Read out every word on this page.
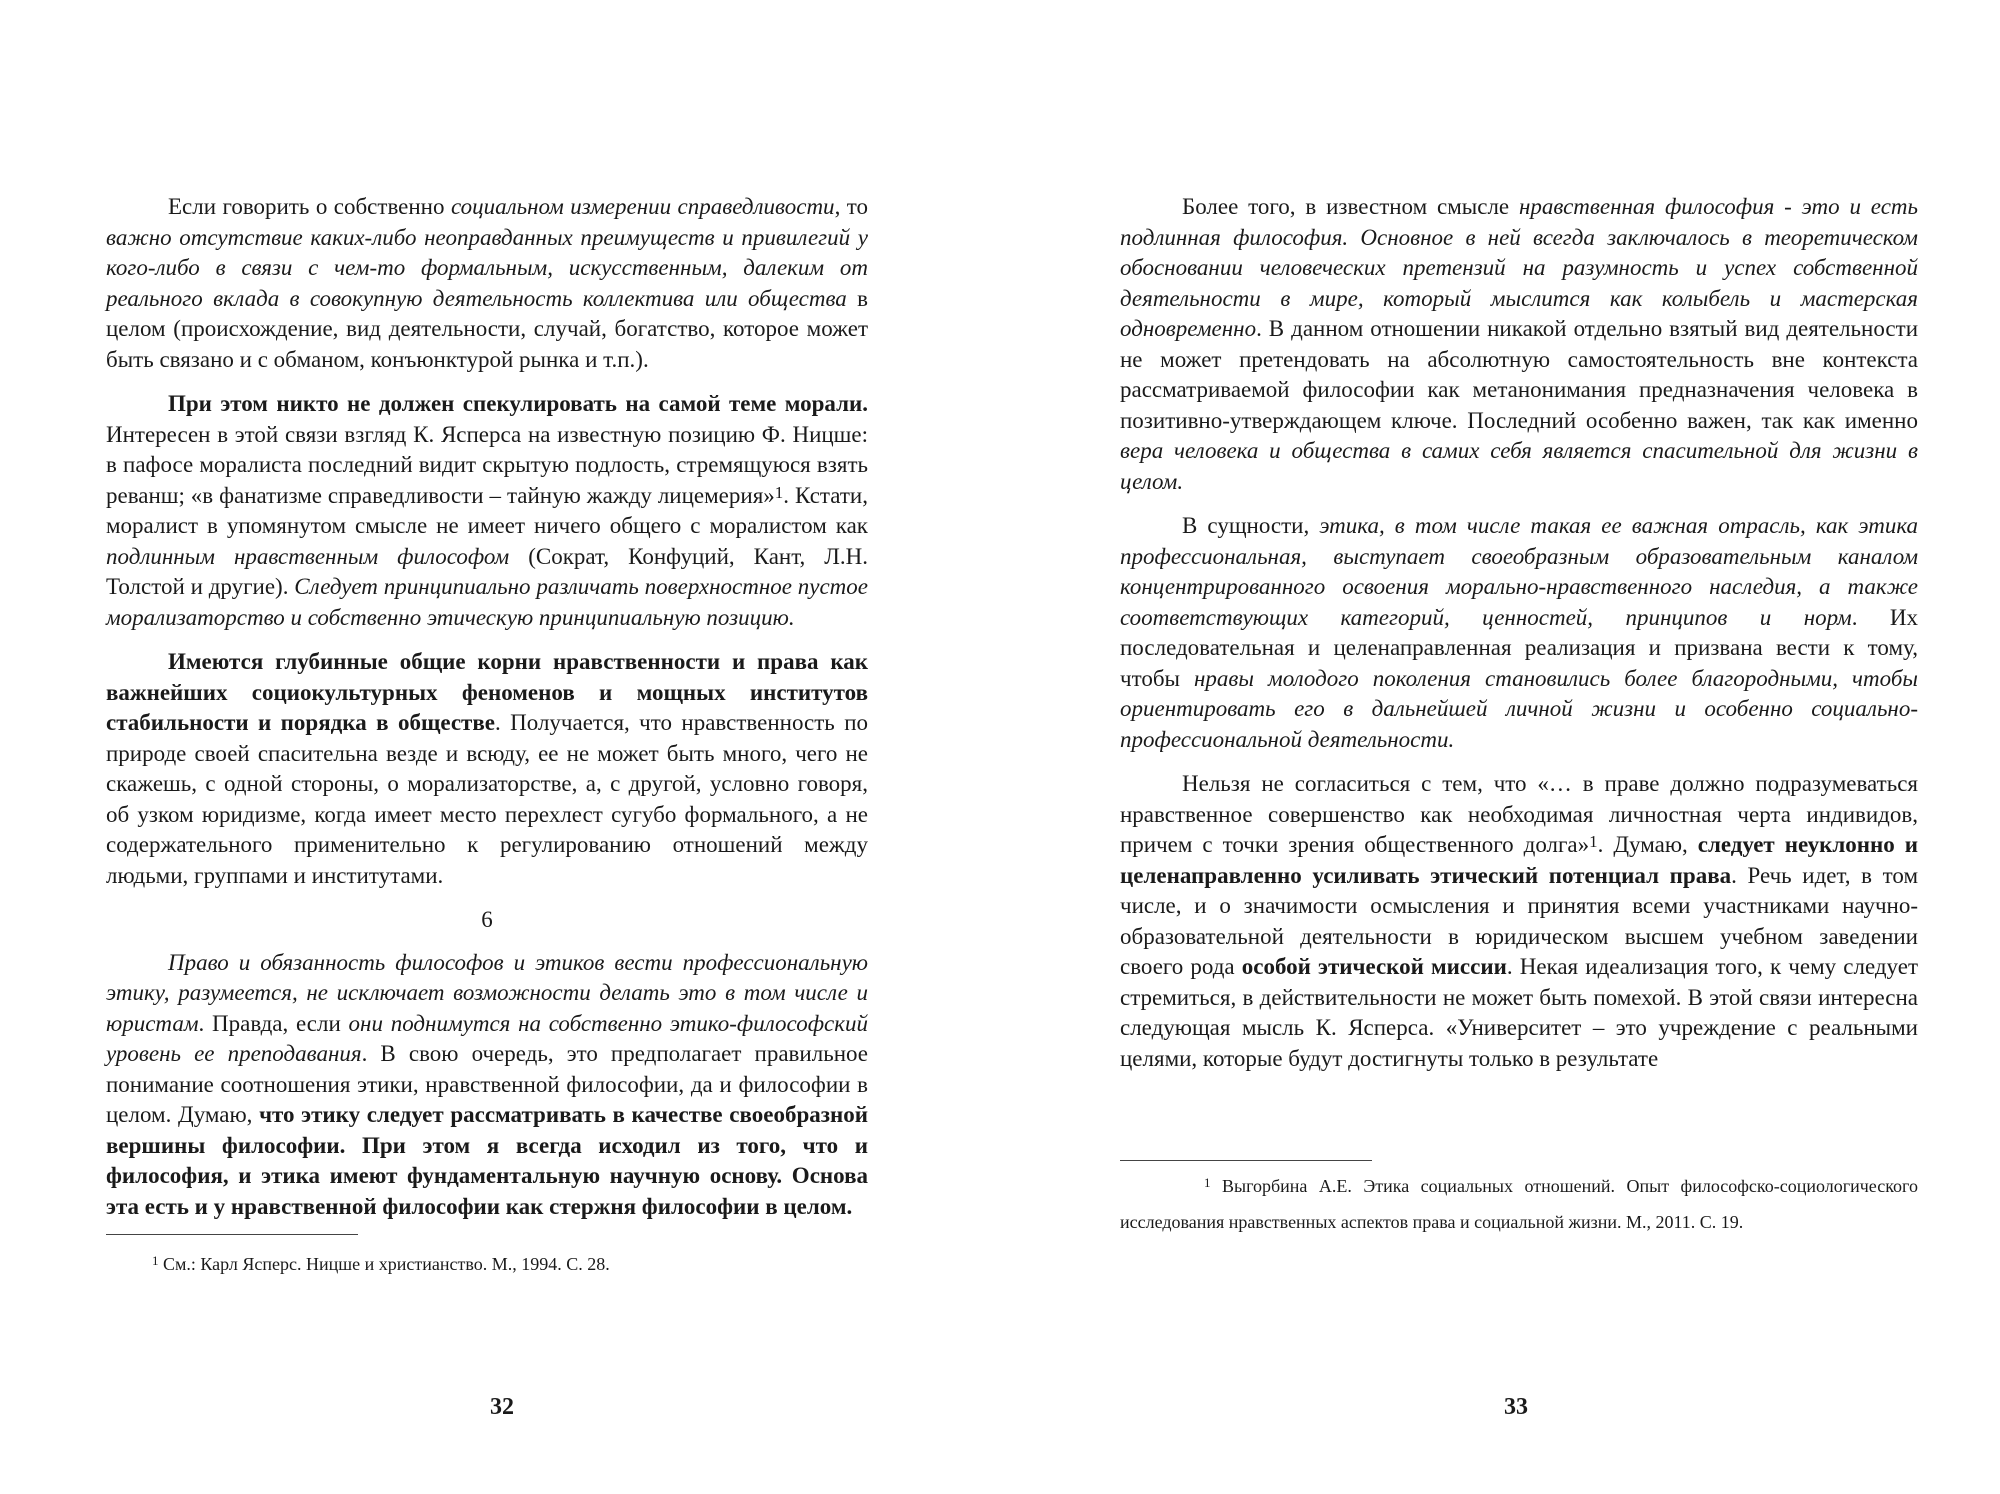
Если говорить о собственно социальном измерении справедливости, то важно отсутствие каких-либо неоправданных преимуществ и привилегий у кого-либо в связи с чем-то формальным, искусственным, далеким от реального вклада в совокупную деятельность коллектива или общества в целом (происхождение, вид деятельности, случай, богатство, которое может быть связано и с обманом, конъюнктурой рынка и т.п.).

При этом никто не должен спекулировать на самой теме морали. Интересен в этой связи взгляд К. Ясперса на известную позицию Ф. Ницше: в пафосе моралиста последний видит скрытую подлость, стремящуюся взять реванш; «в фанатизме справедливости – тайную жажду лицемерия»$^1$. Кстати, моралист в упомянутом смысле не имеет ничего общего с моралистом как подлинным нравственным философом (Сократ, Конфуций, Кант, Л.Н. Толстой и другие). Следует принципиально различать поверхностное пустое морализаторство и собственно этическую принципиальную позицию.

Имеются глубинные общие корни нравственности и права как важнейших социокультурных феноменов и мощных институтов стабильности и порядка в обществе. Получается, что нравственность по природе своей спасительна везде и всюду, ее не может быть много, чего не скажешь, с одной стороны, о морализаторстве, а, с другой, условно говоря, об узком юридизме, когда имеет место перехлест сугубо формального, а не содержательного применительно к регулированию отношений между людьми, группами и институтами.

6

Право и обязанность философов и этиков вести профессиональную этику, разумеется, не исключает возможности делать это в том числе и юристам. Правда, если они поднимутся на собственно этико-философский уровень ее преподавания. В свою очередь, это предполагает правильное понимание соотношения этики, нравственной философии, да и философии в целом. Думаю, что этику следует рассматривать в качестве своеобразной вершины философии. При этом я всегда исходил из того, что и философия, и этика имеют фундаментальную научную основу. Основа эта есть и у нравственной философии как стержня философии в целом.

$^1$ См.: Карл Ясперс. Ницше и христианство. М., 1994. С. 28.
32

Более того, в известном смысле нравственная философия - это и есть подлинная философия. Основное в ней всегда заключалось в теоретическом обосновании человеческих претензий на разумность и успех собственной деятельности в мире, который мыслится как колыбель и мастерская одновременно. В данном отношении никакой отдельно взятый вид деятельности не может претендовать на абсолютную самостоятельность вне контекста рассматриваемой философии как метанонимания предназначения человека в позитивно-утверждающем ключе. Последний особенно важен, так как именно вера человека и общества в самих себя является спасительной для жизни в целом.

В сущности, этика, в том числе такая ее важная отрасль, как этика профессиональная, выступает своеобразным образовательным каналом концентрированного освоения морально-нравственного наследия, а также соответствующих категорий, ценностей, принципов и норм. Их последовательная и целенаправленная реализация и призвана вести к тому, чтобы нравы молодого поколения становились более благородными, чтобы ориентировать его в дальнейшей личной жизни и особенно социально-профессиональной деятельности.

Нельзя не согласиться с тем, что «… в праве должно подразумеваться нравственное совершенство как необходимая личностная черта индивидов, причем с точки зрения общественного долга»$^1$. Думаю, следует неуклонно и целенаправленно усиливать этический потенциал права. Речь идет, в том числе, и о значимости осмысления и принятия всеми участниками научно-образовательной деятельности в юридическом высшем учебном заведении своего рода особой этической миссии. Некая идеализация того, к чему следует стремиться, в действительности не может быть помехой. В этой связи интересна следующая мысль К. Ясперса. «Университет – это учреждение с реальными целями, которые будут достигнуты только в результате

$^1$ Выгорбина А.Е. Этика социальных отношений. Опыт философско-социологического исследования нравственных аспектов права и социальной жизни. М., 2011. С. 19.
33
